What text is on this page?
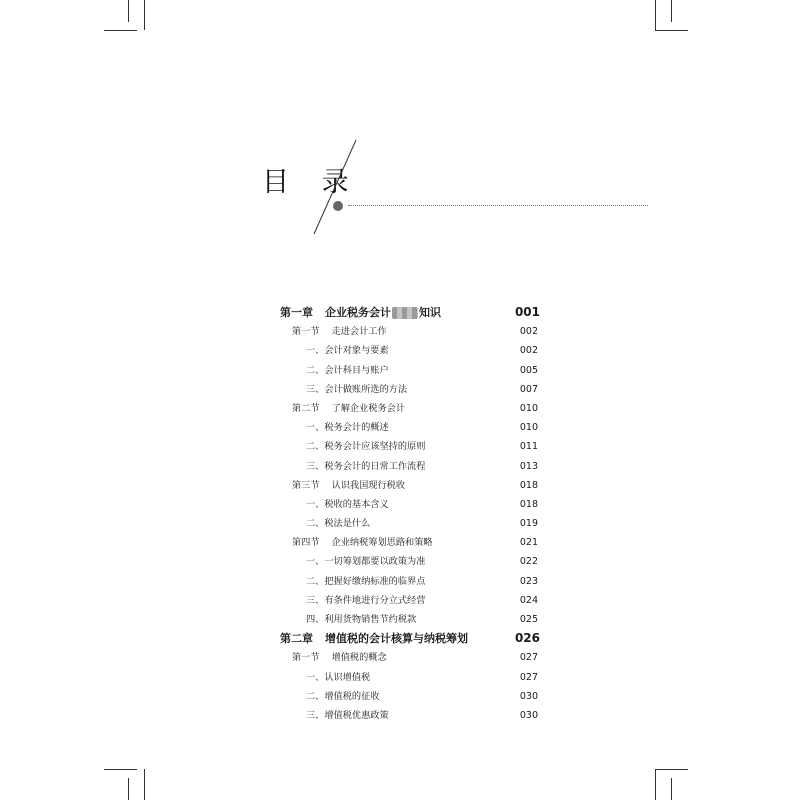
目 录
第一章 企业税务会计	知识	001
第一节 走进会计工作	002
一、会计对象与要素	002
二、会计科目与账户	005
三、会计做账所选的方法	007
第二节 了解企业税务会计	010
一、税务会计的概述	010
二、税务会计应该坚持的原则	011
三、税务会计的日常工作流程	013
第三节 认识我国现行税收	018
一、税收的基本含义	018
二、税法是什么	019
第四节 企业纳税筹划思路和策略	021
一、一切筹划都要以政策为准	022
二、把握好缴纳标准的临界点	023
三、有条件地进行分立式经营	024
四、利用货物销售节约税款	025
第二章 增值税的会计核算与纳税筹划	026
第一节 增值税的概念	027
一、认识增值税	027
二、增值税的征收	030
三、增值税优惠政策	030
